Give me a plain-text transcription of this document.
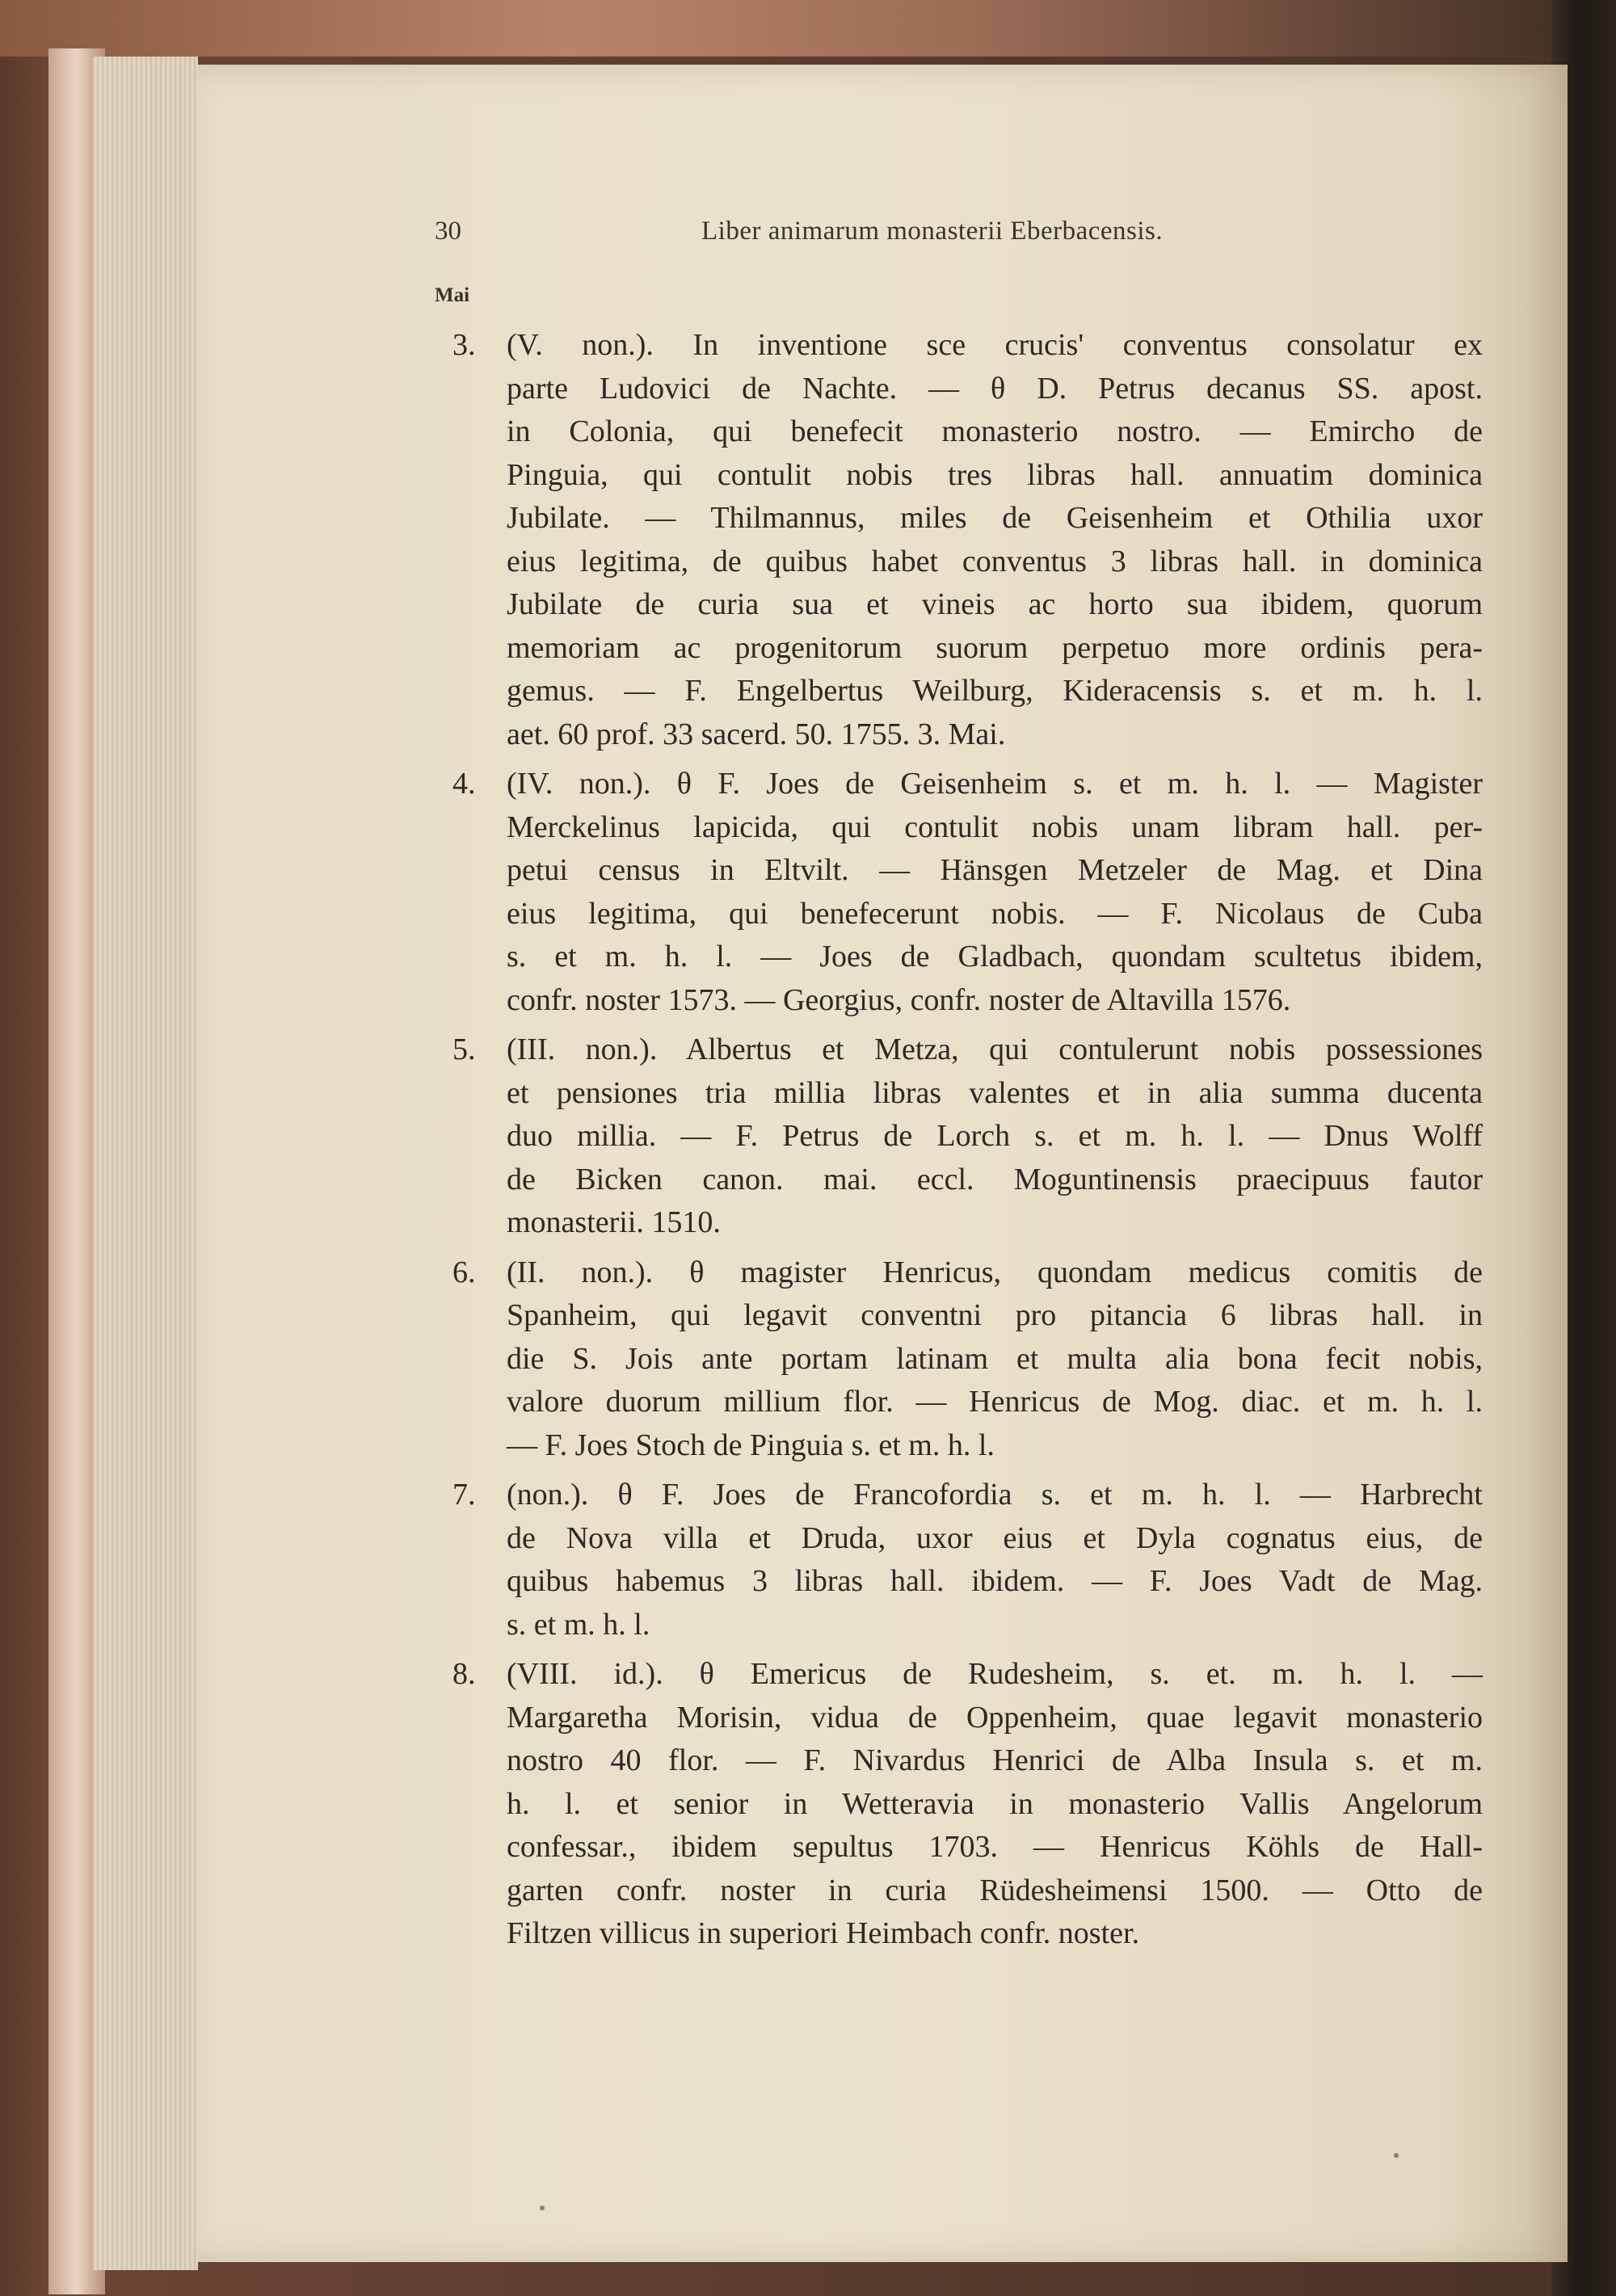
30	Liber animarum monasterii Eberbacensis.
Mai
3. (V. non.). In inventione sce crucis' conventus consolatur ex
parte Ludovici de Nachte. — θ D. Petrus decanus SS. apost.
in Colonia, qui benefecit monasterio nostro. — Emircho de
Pinguia, qui contulit nobis tres libras hall. annuatim dominica
Jubilate. — Thilmannus, miles de Geisenheim et Othilia uxor
eius legitima, de quibus habet conventus 3 libras hall. in dominica
Jubilate de curia sua et vineis ac horto sua ibidem, quorum
memoriam ac progenitorum suorum perpetuo more ordinis pera-
gemus. — F. Engelbertus Weilburg, Kideracensis s. et m. h. l.
aet. 60 prof. 33 sacerd. 50. 1755. 3. Mai.
4. (IV. non.). θ F. Joes de Geisenheim s. et m. h. l. — Magister
Merckelinus lapicida, qui contulit nobis unam libram hall. per-
petui census in Eltvilt. — Hänsgen Metzeler de Mag. et Dina
eius legitima, qui benefecerunt nobis. — F. Nicolaus de Cuba
s. et m. h. l. — Joes de Gladbach, quondam scultetus ibidem,
confr. noster 1573. — Georgius, confr. noster de Altavilla 1576.
5. (III. non.). Albertus et Metza, qui contulerunt nobis possessiones
et pensiones tria millia libras valentes et in alia summa ducenta
duo millia. — F. Petrus de Lorch s. et m. h. l. — Dnus Wolff
de Bicken canon. mai. eccl. Moguntinensis praecipuus fautor
monasterii. 1510.
6. (II. non.). θ magister Henricus, quondam medicus comitis de
Spanheim, qui legavit conventni pro pitancia 6 libras hall. in
die S. Jois ante portam latinam et multa alia bona fecit nobis,
valore duorum millium flor. — Henricus de Mog. diac. et m. h. l.
— F. Joes Stoch de Pinguia s. et m. h. l.
7. (non.). θ F. Joes de Francofordia s. et m. h. l. — Harbrecht
de Nova villa et Druda, uxor eius et Dyla cognatus eius, de
quibus habemus 3 libras hall. ibidem. — F. Joes Vadt de Mag.
s. et m. h. l.
8. (VIII. id.). θ Emericus de Rudesheim, s. et. m. h. l. —
Margaretha Morisin, vidua de Oppenheim, quae legavit monasterio
nostro 40 flor. — F. Nivardus Henrici de Alba Insula s. et m.
h. l. et senior in Wetteravia in monasterio Vallis Angelorum
confessar., ibidem sepultus 1703. — Henricus Köhls de Hall-
garten confr. noster in curia Rüdesheimensi 1500. — Otto de
Filtzen villicus in superiori Heimbach confr. noster.
